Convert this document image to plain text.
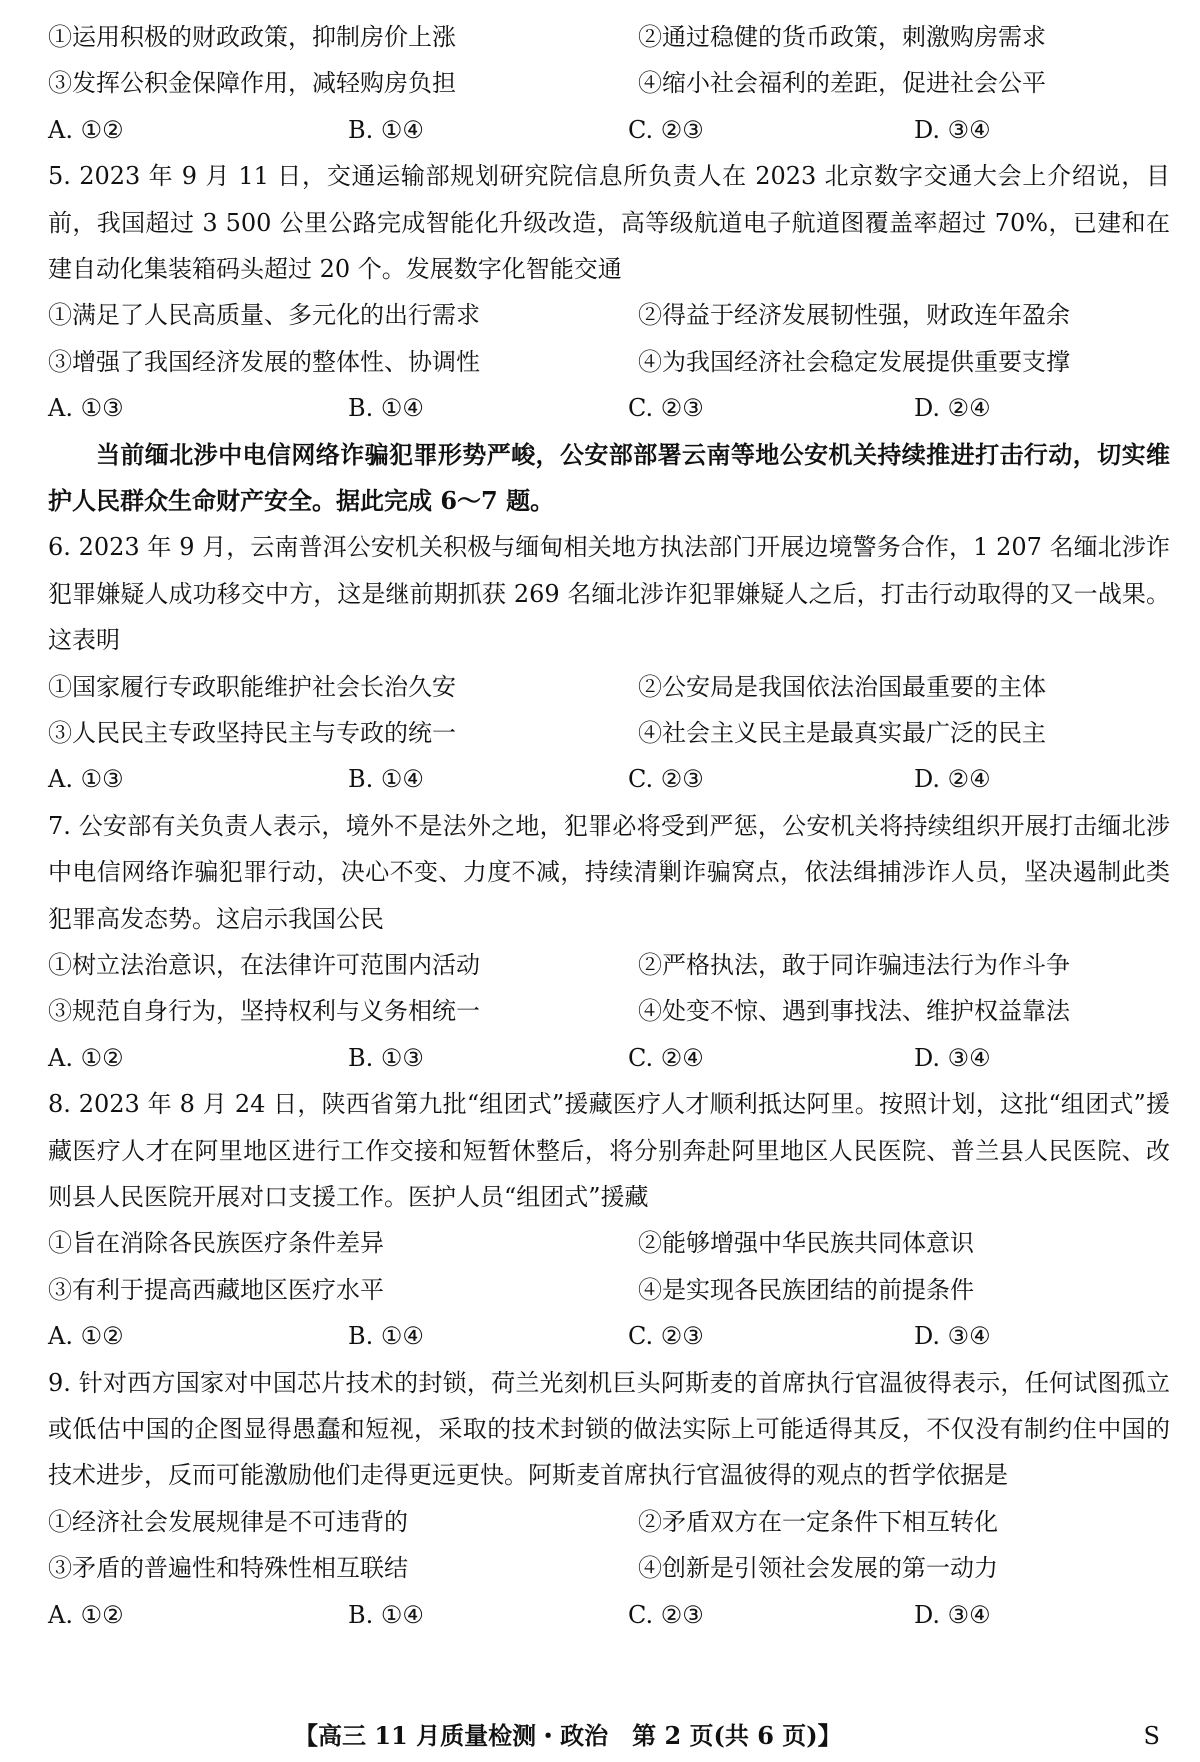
①运用积极的财政政策，抑制房价上涨	②通过稳健的货币政策，刺激购房需求
③发挥公积金保障作用，减轻购房负担	④缩小社会福利的差距，促进社会公平
A. ①②	B. ①④	C. ②③	D. ③④
5. 2023 年 9 月 11 日，交通运输部规划研究院信息所负责人在 2023 北京数字交通大会上介绍说，目前，我国超过 3 500 公里公路完成智能化升级改造，高等级航道电子航道图覆盖率超过 70%，已建和在建自动化集装箱码头超过 20 个。发展数字化智能交通
①满足了人民高质量、多元化的出行需求	②得益于经济发展韧性强，财政连年盈余
③增强了我国经济发展的整体性、协调性	④为我国经济社会稳定发展提供重要支撑
A. ①③	B. ①④	C. ②③	D. ②④
当前缅北涉中电信网络诈骗犯罪形势严峻，公安部部署云南等地公安机关持续推进打击行动，切实维护人民群众生命财产安全。据此完成 6～7 题。
6. 2023 年 9 月，云南普洱公安机关积极与缅甸相关地方执法部门开展边境警务合作，1 207 名缅北涉诈犯罪嫌疑人成功移交中方，这是继前期抓获 269 名缅北涉诈犯罪嫌疑人之后，打击行动取得的又一战果。这表明
①国家履行专政职能维护社会长治久安	②公安局是我国依法治国最重要的主体
③人民民主专政坚持民主与专政的统一	④社会主义民主是最真实最广泛的民主
A. ①③	B. ①④	C. ②③	D. ②④
7. 公安部有关负责人表示，境外不是法外之地，犯罪必将受到严惩，公安机关将持续组织开展打击缅北涉中电信网络诈骗犯罪行动，决心不变、力度不减，持续清剿诈骗窝点，依法缉捕涉诈人员，坚决遏制此类犯罪高发态势。这启示我国公民
①树立法治意识，在法律许可范围内活动	②严格执法，敢于同诈骗违法行为作斗争
③规范自身行为，坚持权利与义务相统一	④处变不惊、遇到事找法、维护权益靠法
A. ①②	B. ①③	C. ②④	D. ③④
8. 2023 年 8 月 24 日，陕西省第九批“组团式”援藏医疗人才顺利抵达阿里。按照计划，这批“组团式”援藏医疗人才在阿里地区进行工作交接和短暂休整后，将分别奔赴阿里地区人民医院、普兰县人民医院、改则县人民医院开展对口支援工作。医护人员“组团式”援藏
①旨在消除各民族医疗条件差异	②能够增强中华民族共同体意识
③有利于提高西藏地区医疗水平	④是实现各民族团结的前提条件
A. ①②	B. ①④	C. ②③	D. ③④
9. 针对西方国家对中国芯片技术的封锁，荷兰光刻机巨头阿斯麦的首席执行官温彼得表示，任何试图孤立或低估中国的企图显得愚蠢和短视，采取的技术封锁的做法实际上可能适得其反，不仅没有制约住中国的技术进步，反而可能激励他们走得更远更快。阿斯麦首席执行官温彼得的观点的哲学依据是
①经济社会发展规律是不可违背的	②矛盾双方在一定条件下相互转化
③矛盾的普遍性和特殊性相互联结	④创新是引领社会发展的第一动力
A. ①②	B. ①④	C. ②③	D. ③④
【高三 11 月质量检测・政治　第 2 页(共 6 页)】	S
